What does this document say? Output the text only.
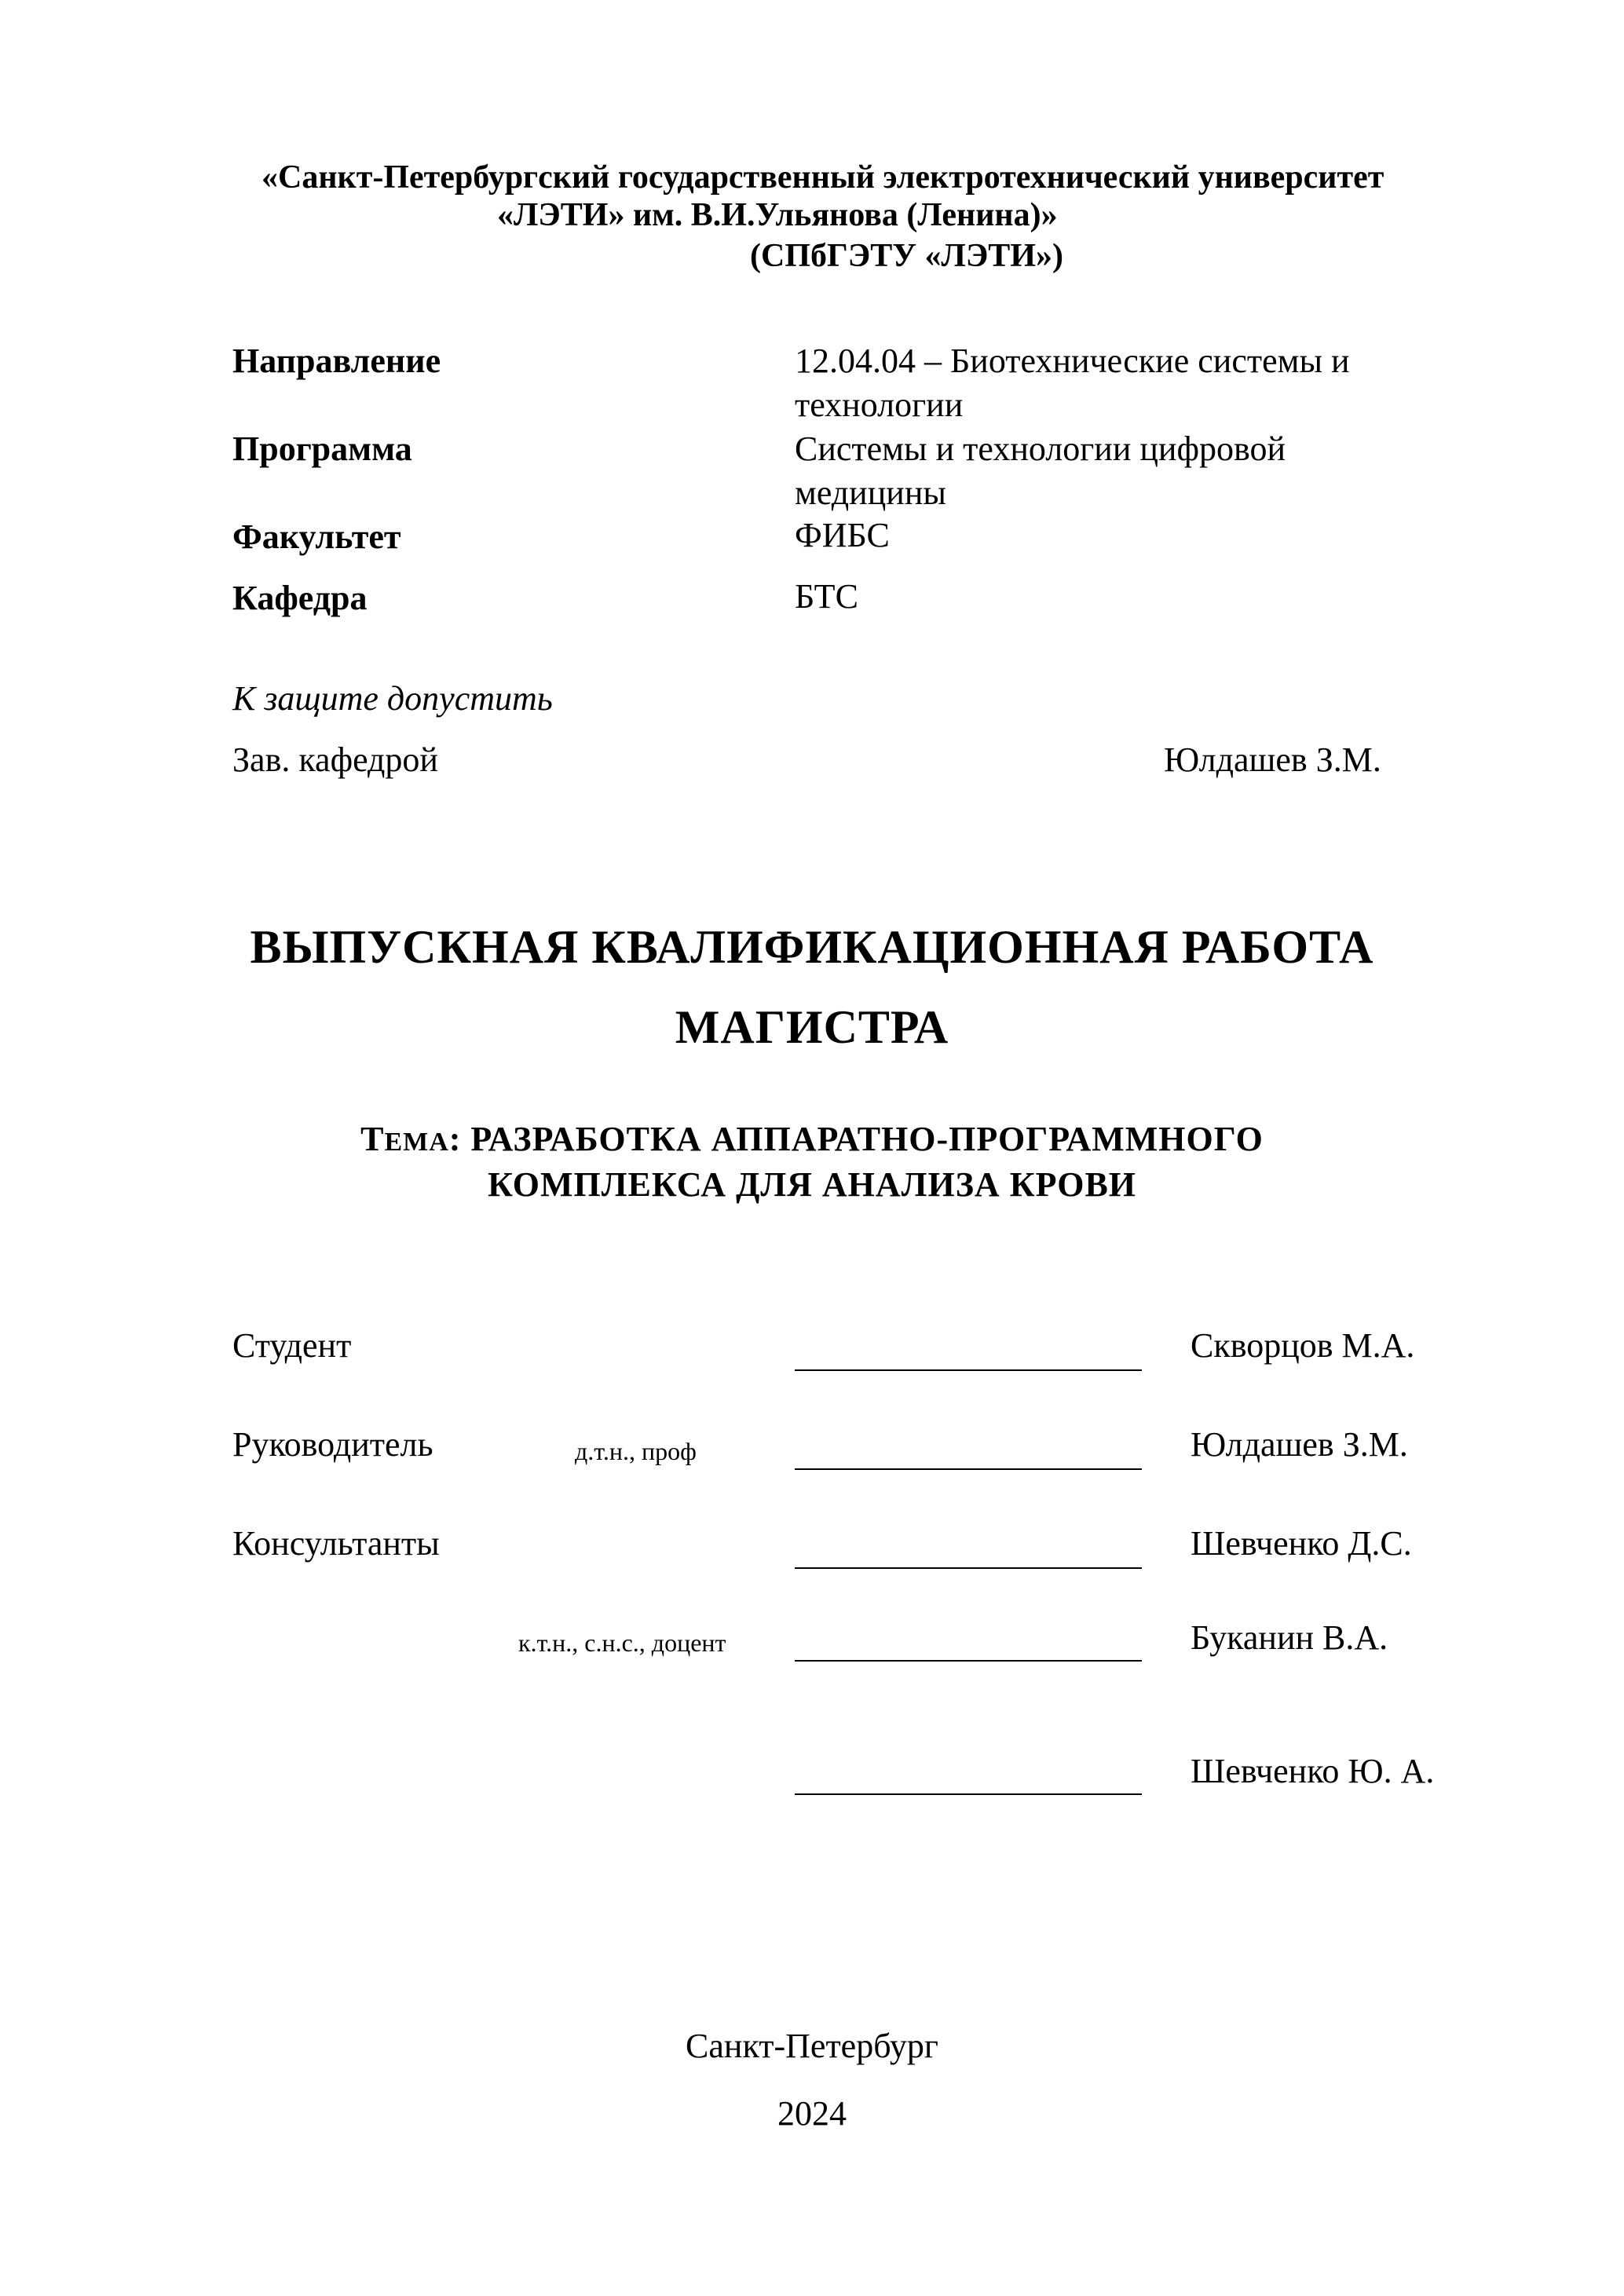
«Санкт-Петербургский государственный электротехнический университет
«ЛЭТИ» им. В.И.Ульянова (Ленина)»
(СПбГЭТУ «ЛЭТИ»)
Направление	12.04.04 – Биотехнические системы и
технологии
Программа	Системы и технологии цифровой
медицины
Факультет	ФИБС
Кафедра	БТС
К защите допустить
Зав. кафедрой	Юлдашев З.М.
ВЫПУСКНАЯ КВАЛИФИКАЦИОННАЯ РАБОТА
МАГИСТРА
ТЕМА: РАЗРАБОТКА АППАРАТНО-ПРОГРАММНОГО
КОМПЛЕКСА ДЛЯ АНАЛИЗА КРОВИ
Студент	Скворцов М.А.
Руководитель	д.т.н., проф	Юлдашев З.М.
Консультанты	Шевченко Д.С.
к.т.н., с.н.с., доцент	Буканин В.А.
Шевченко Ю. А.
Санкт-Петербург
2024
